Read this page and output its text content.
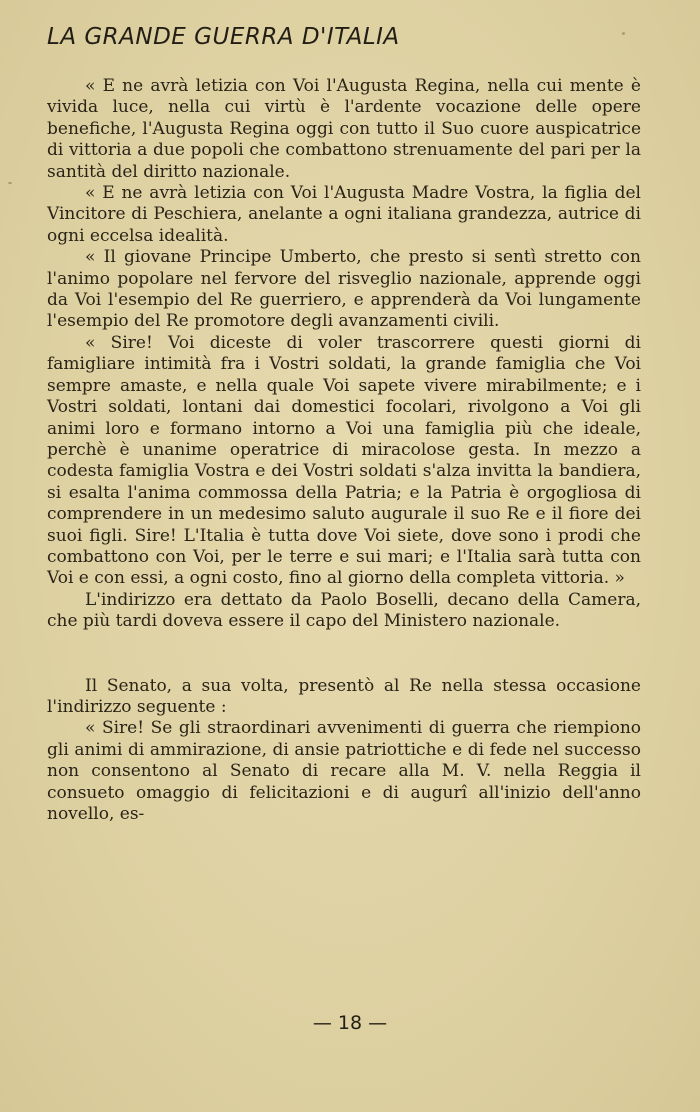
LA GRANDE GUERRA D'ITALIA

« E ne avrà letizia con Voi l'Augusta Regina, nella cui mente è vivida luce, nella cui virtù è l'ardente vocazione delle opere benefiche, l'Augusta Regina oggi con tutto il Suo cuore auspicatrice di vittoria a due popoli che combattono strenuamente del pari per la santità del diritto nazionale.

« E ne avrà letizia con Voi l'Augusta Madre Vostra, la figlia del Vincitore di Peschiera, anelante a ogni italiana grandezza, autrice di ogni eccelsa idealità.

« Il giovane Principe Umberto, che presto si sentì stretto con l'animo popolare nel fervore del risveglio nazionale, apprende oggi da Voi l'esempio del Re guerriero, e apprenderà da Voi lungamente l'esempio del Re promotore degli avanzamenti civili.

« Sire! Voi diceste di voler trascorrere questi giorni di famigliare intimità fra i Vostri soldati, la grande famiglia che Voi sempre amaste, e nella quale Voi sapete vivere mirabilmente; e i Vostri soldati, lontani dai domestici focolari, rivolgono a Voi gli animi loro e formano intorno a Voi una famiglia più che ideale, perchè è unanime operatrice di miracolose gesta. In mezzo a codesta famiglia Vostra e dei Vostri soldati s'alza invitta la bandiera, si esalta l'anima commossa della Patria; e la Patria è orgogliosa di comprendere in un medesimo saluto augurale il suo Re e il fiore dei suoi figli. Sire! L'Italia è tutta dove Voi siete, dove sono i prodi che combattono con Voi, per le terre e sui mari; e l'Italia sarà tutta con Voi e con essi, a ogni costo, fino al giorno della completa vittoria. »

L'indirizzo era dettato da Paolo Boselli, decano della Camera, che più tardi doveva essere il capo del Ministero nazionale.

Il Senato, a sua volta, presentò al Re nella stessa occasione l'indirizzo seguente :

« Sire! Se gli straordinari avvenimenti di guerra che riempiono gli animi di ammirazione, di ansie patriottiche e di fede nel successo non consentono al Senato di recare alla M. V. nella Reggia il consueto omaggio di felicitazioni e di augurî all'inizio dell'anno novello, es-

— 18 —
